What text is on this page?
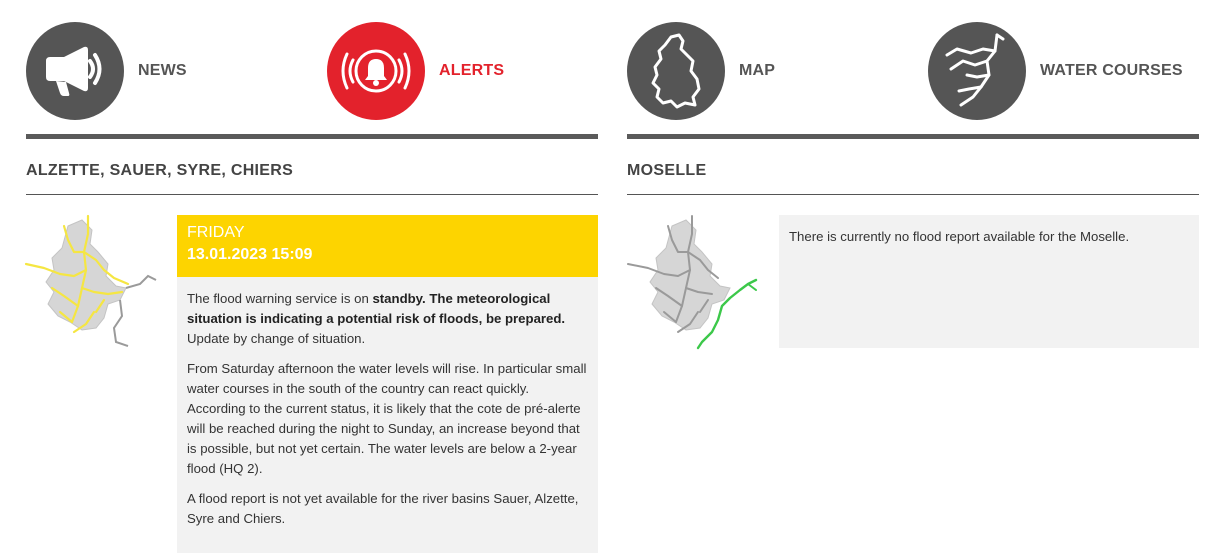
NEWS	ALERTS	MAP	WATER COURSES
ALZETTE, SAUER, SYRE, CHIERS	MOSELLE
FRIDAY
13.01.2023 15:09

The flood warning service is on standby. The meteorological situation is indicating a potential risk of floods, be prepared. Update by change of situation.

From Saturday afternoon the water levels will rise. In particular small water courses in the south of the country can react quickly. According to the current status, it is likely that the cote de pré-alerte will be reached during the night to Sunday, an increase beyond that is possible, but not yet certain. The water levels are below a 2-year flood (HQ 2).

A flood report is not yet available for the river basins Sauer, Alzette, Syre and Chiers.

There is currently no flood report available for the Moselle.
